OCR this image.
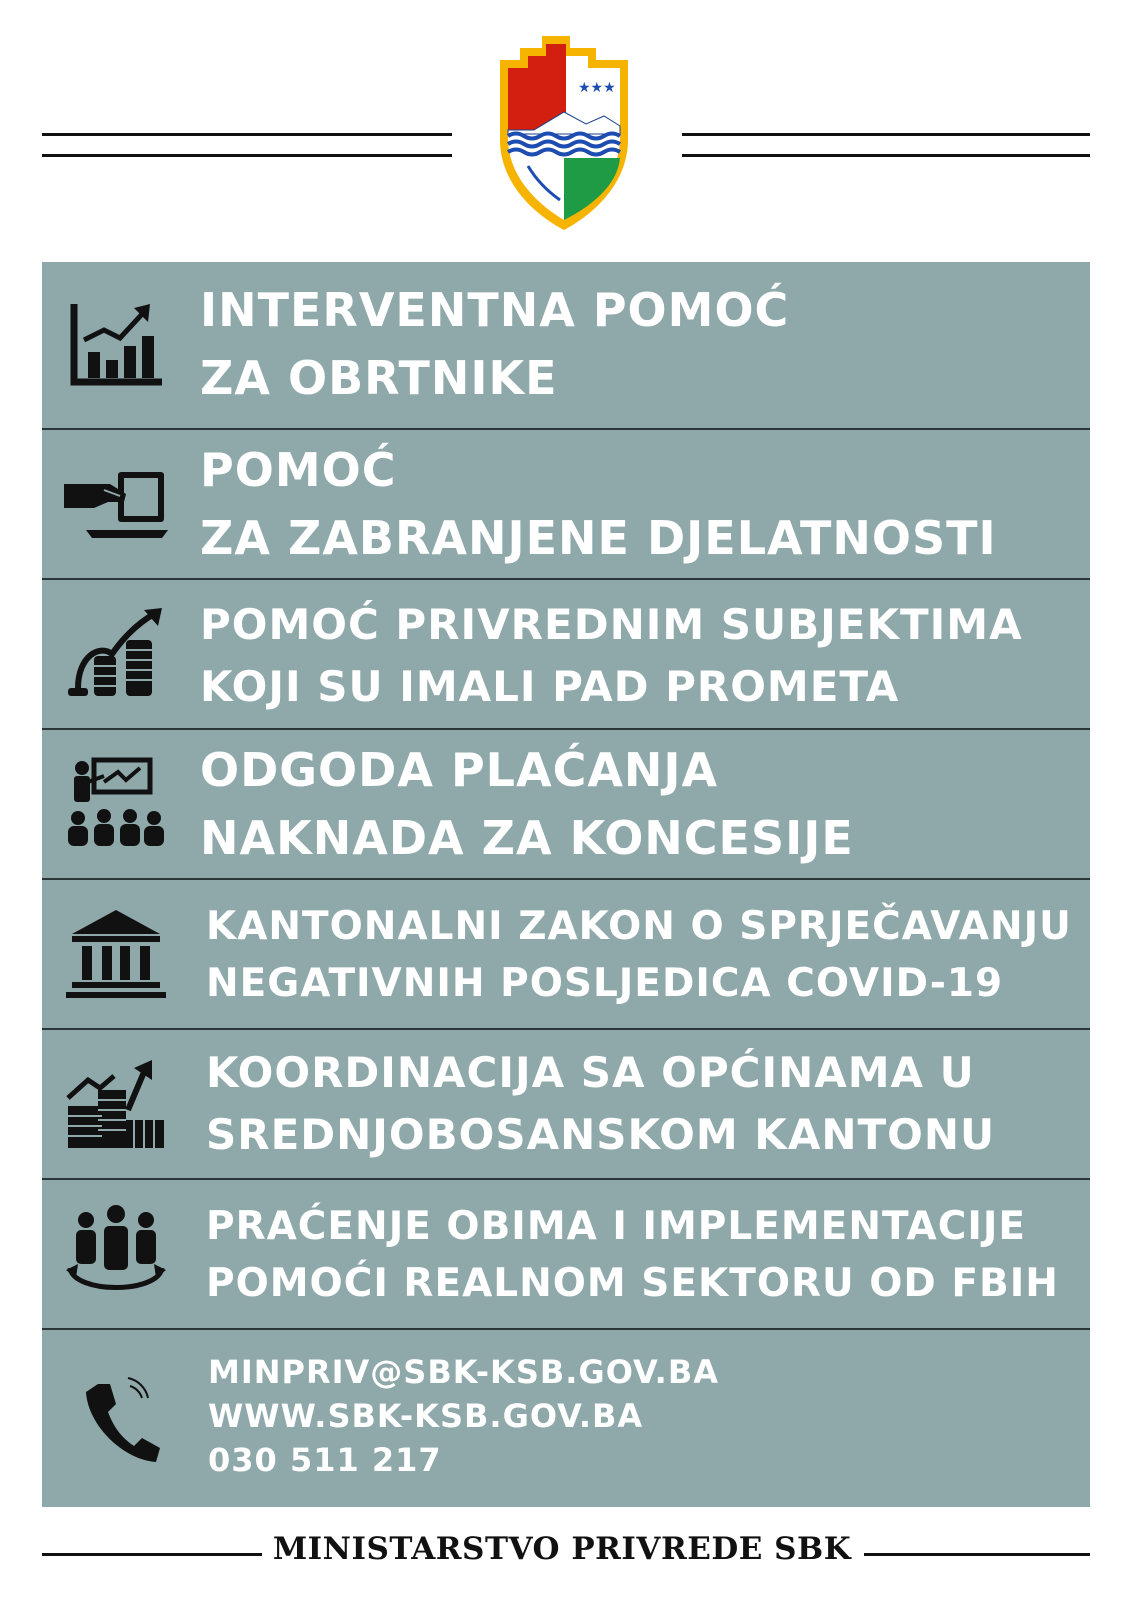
★★★
INTERVENTNA POMOĆ
ZA OBRTNIKE
POMOĆ
ZA ZABRANJENE DJELATNOSTI
POMOĆ PRIVREDNIM SUBJEKTIMA
KOJI SU IMALI PAD PROMETA
ODGODA PLAĆANJA
NAKNADA ZA KONCESIJE
KANTONALNI ZAKON O SPRJEČAVANJU
NEGATIVNIH POSLJEDICA COVID-19
KOORDINACIJA SA OPĆINAMA U
SREDNJOBOSANSKOM KANTONU
PRAĆENJE OBIMA I IMPLEMENTACIJE
POMOĆI REALNOM SEKTORU OD FBIH
MINPRIV@SBK-KSB.GOV.BA
WWW.SBK-KSB.GOV.BA
030 511 217
MINISTARSTVO PRIVREDE SBK
